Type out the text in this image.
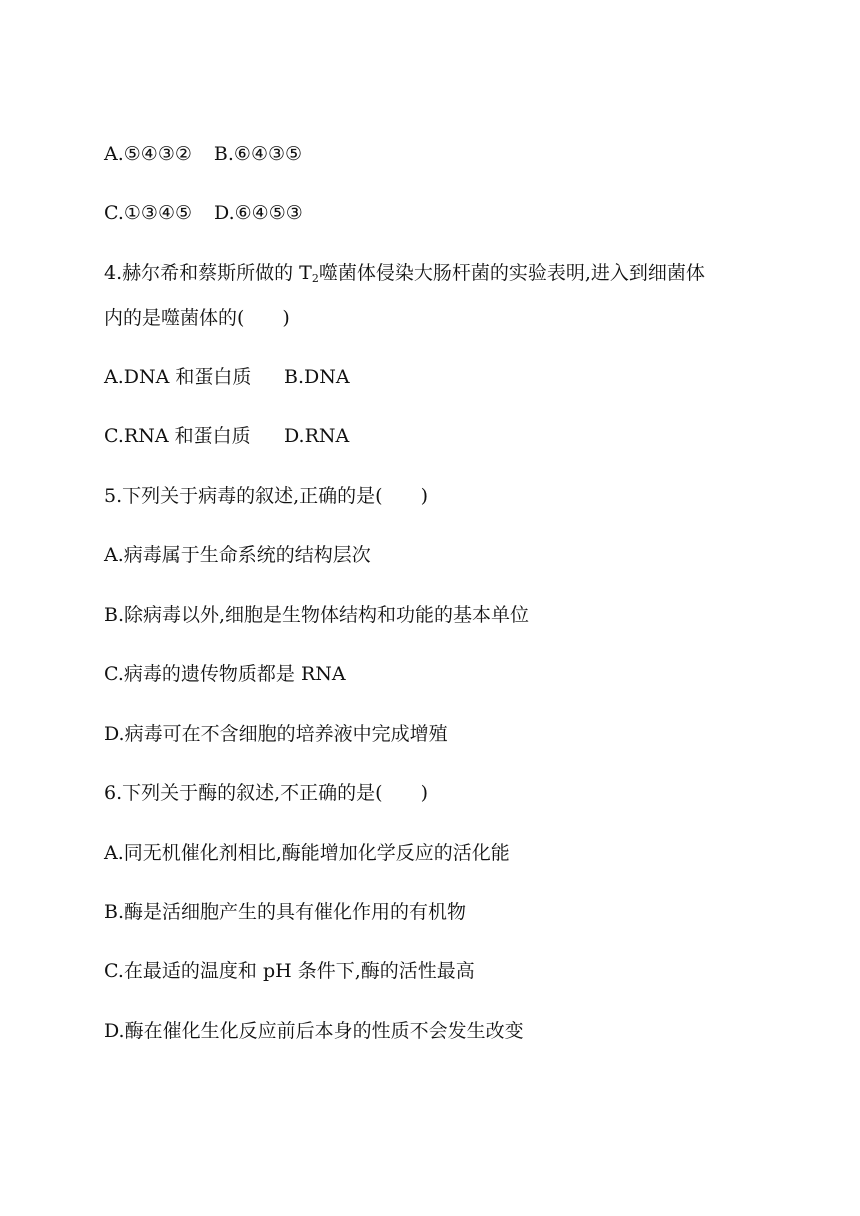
A.⑤④③② B.⑥④③⑤
C.①③④⑤ D.⑥④⑤③
4.赫尔希和蔡斯所做的 $T_2$噬菌体侵染大肠杆菌的实验表明,进入到细菌体
内的是噬菌体的(　　)
A.DNA 和蛋白质 B.DNA
C.RNA 和蛋白质 D.RNA
5.下列关于病毒的叙述,正确的是(　　)
A.病毒属于生命系统的结构层次
B.除病毒以外,细胞是生物体结构和功能的基本单位
C.病毒的遗传物质都是 RNA
D.病毒可在不含细胞的培养液中完成增殖
6.下列关于酶的叙述,不正确的是(　　)
A.同无机催化剂相比,酶能增加化学反应的活化能
B.酶是活细胞产生的具有催化作用的有机物
C.在最适的温度和 pH 条件下,酶的活性最高
D.酶在催化生化反应前后本身的性质不会发生改变
